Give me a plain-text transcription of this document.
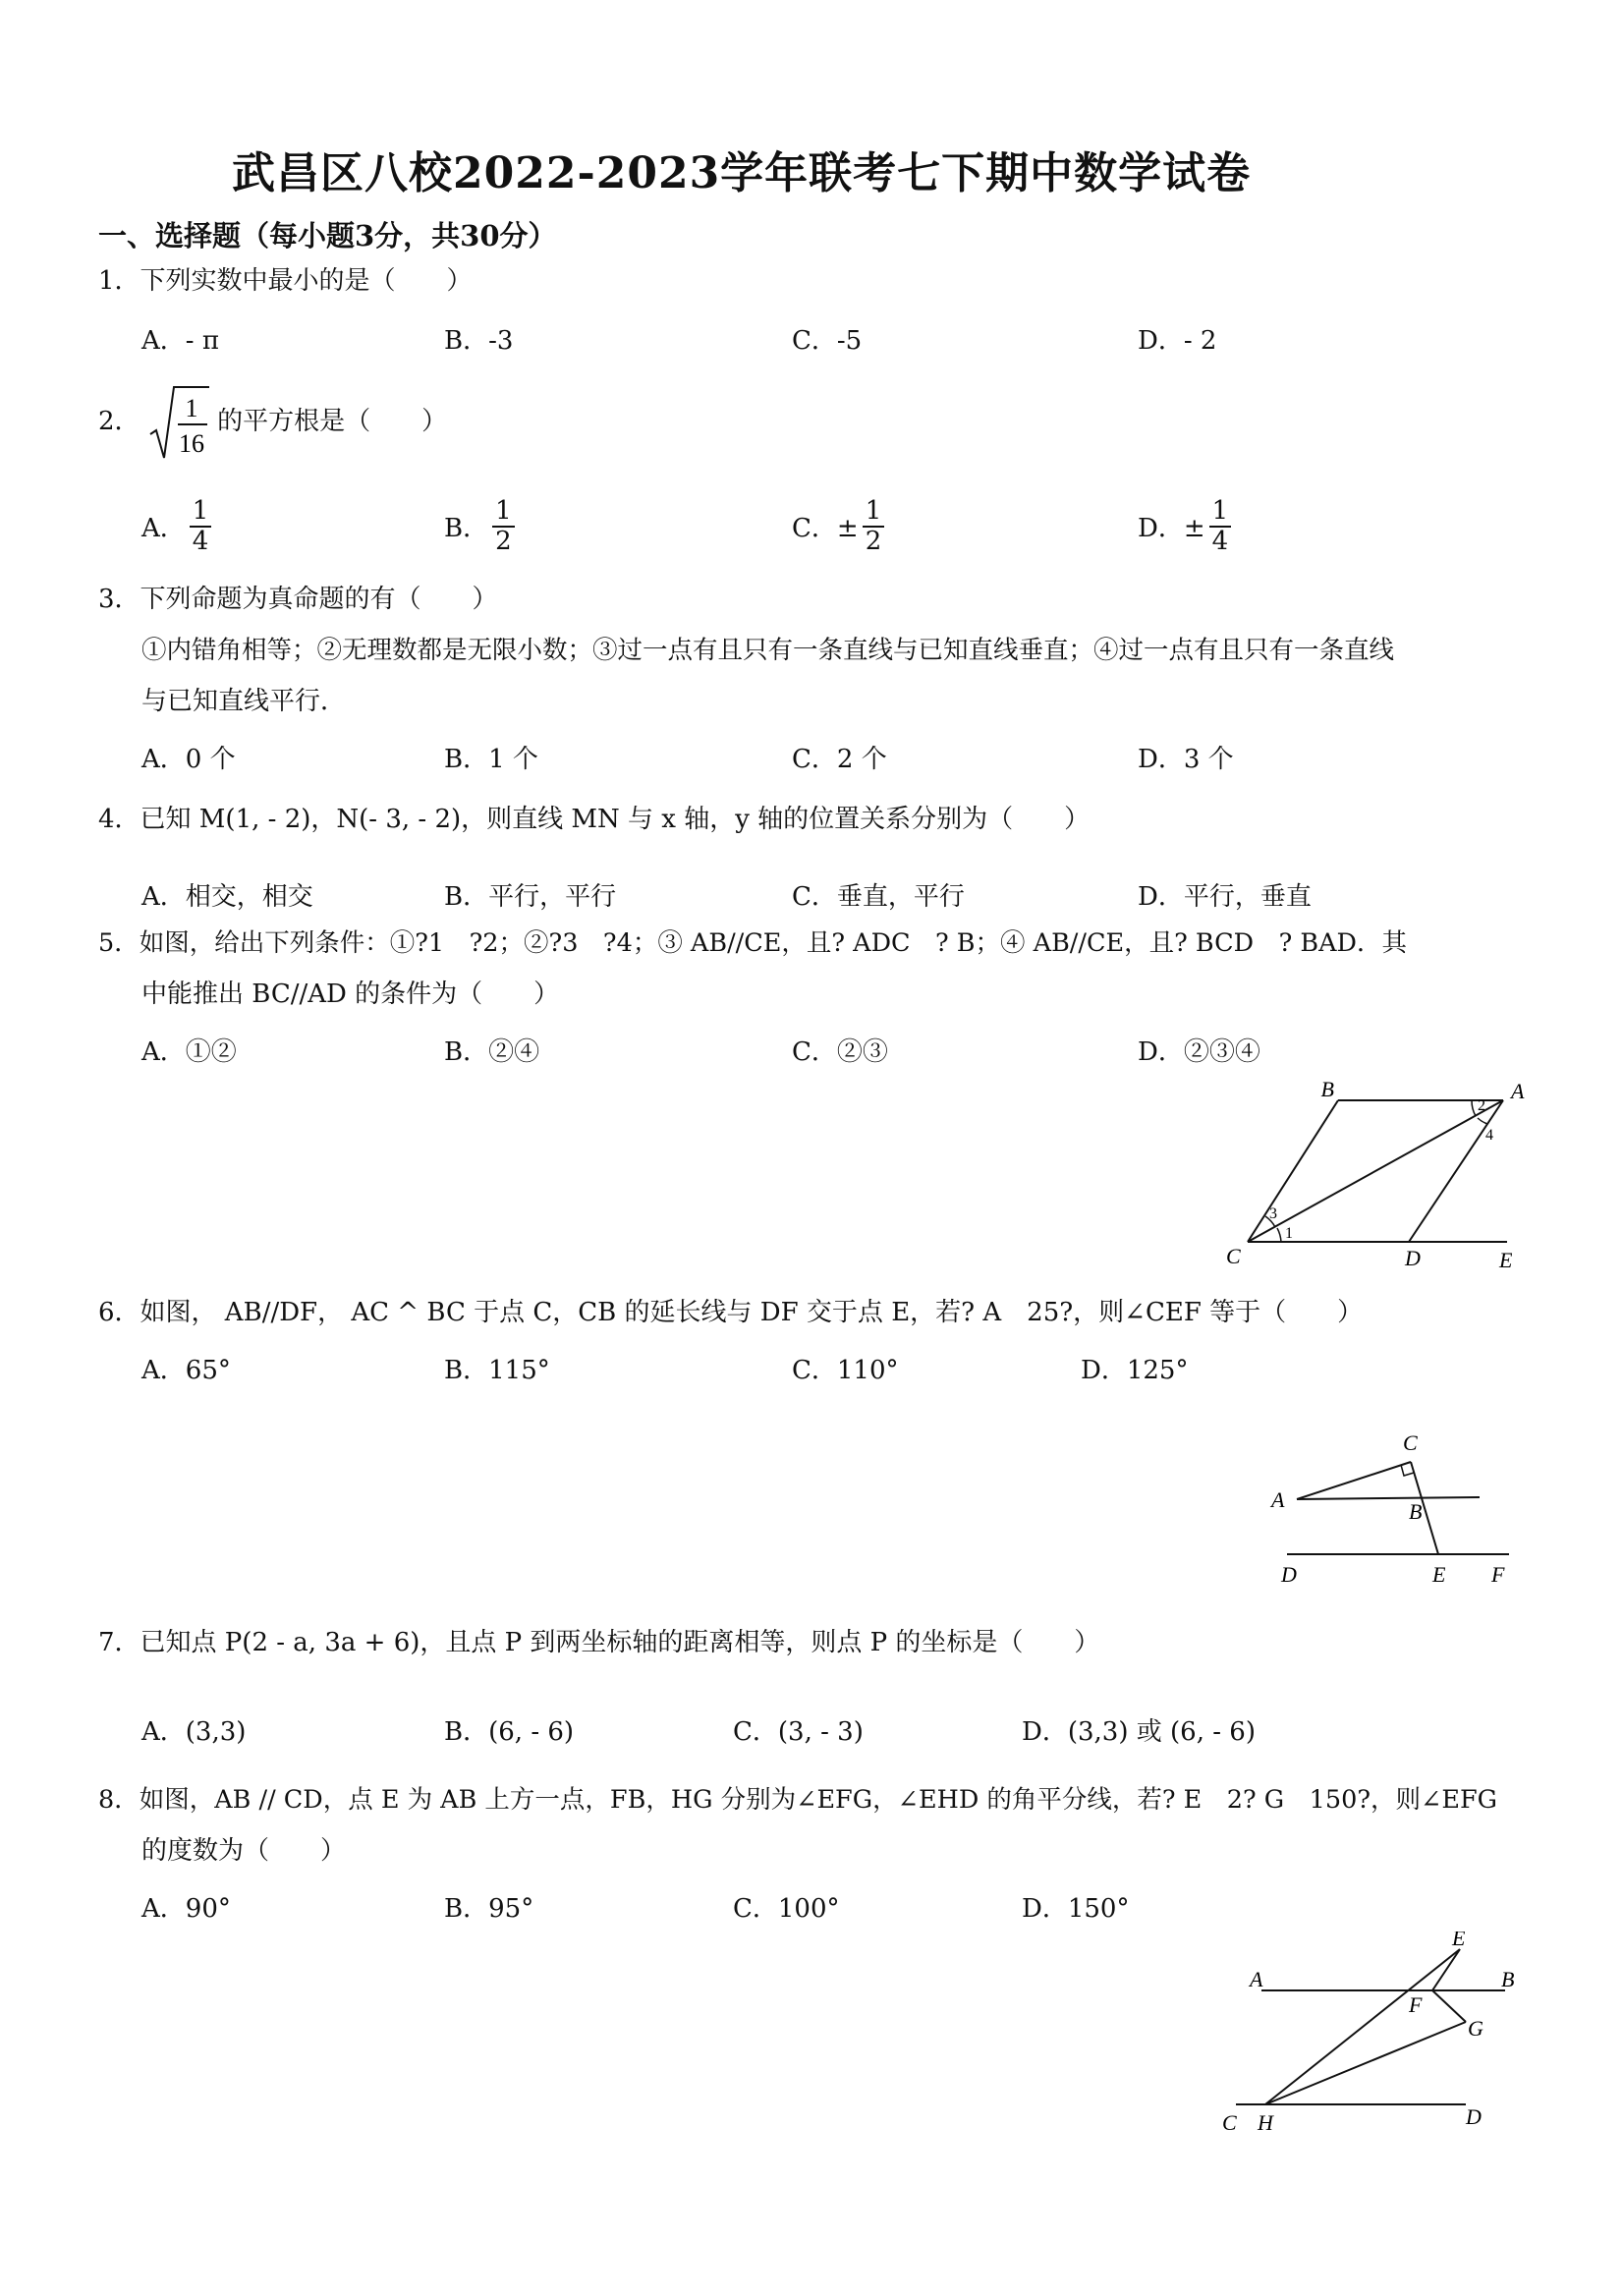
武昌区八校2022-2023学年联考七下期中数学试卷
一、选择题（每小题3分，共30分）
1．下列实数中最小的是（　　）
A．- π	B．-3	C．-5	D．- 2
2． 1
16
的平方根是（　　）
A． $\frac{1}{4}$	B． $\frac{1}{2}$	C．± $\frac{1}{2}$	D．± $\frac{1}{4}$
3．下列命题为真命题的有（　　）
①内错角相等；②无理数都是无限小数；③过一点有且只有一条直线与已知直线垂直；④过一点有且只有一条直线
与已知直线平行．
A．0 个	B．1 个	C．2 个	D．3 个
4．已知 M(1, - 2)，N(- 3, - 2)，则直线 MN 与 x 轴，y 轴的位置关系分别为（　　）
A．相交，相交	B．平行，平行	C．垂直，平行	D．平行，垂直
5．如图，给出下列条件：①?1　?2；②?3　?4；③ AB//CE，且? ADC　? B；④ AB//CE，且? BCD　? BAD．其
中能推出 BC//AD 的条件为（　　）
A．①②	B．②④	C．②③	D．②③④
B	A
2
4
3
1
C	D	E
6．如图， AB//DF， AC ^ BC 于点 C，CB 的延长线与 DF 交于点 E，若? A　25?，则∠CEF 等于（　　）
A．65°	B．115°	C．110°	D．125°
C
A	B
D	E F
7．已知点 P(2 - a, 3a + 6)，且点 P 到两坐标轴的距离相等，则点 P 的坐标是（　　）
A．(3,3)	B．(6, - 6)	C．(3, - 3)	D．(3,3) 或 (6, - 6)
8．如图，AB // CD，点 E 为 AB 上方一点，FB，HG 分别为∠EFG，∠EHD 的角平分线，若? E　2? G　150?，则∠EFG
的度数为（　　）
A．90°	B．95°	C．100°	D．150°
E
A	B
F
G
C H	D
